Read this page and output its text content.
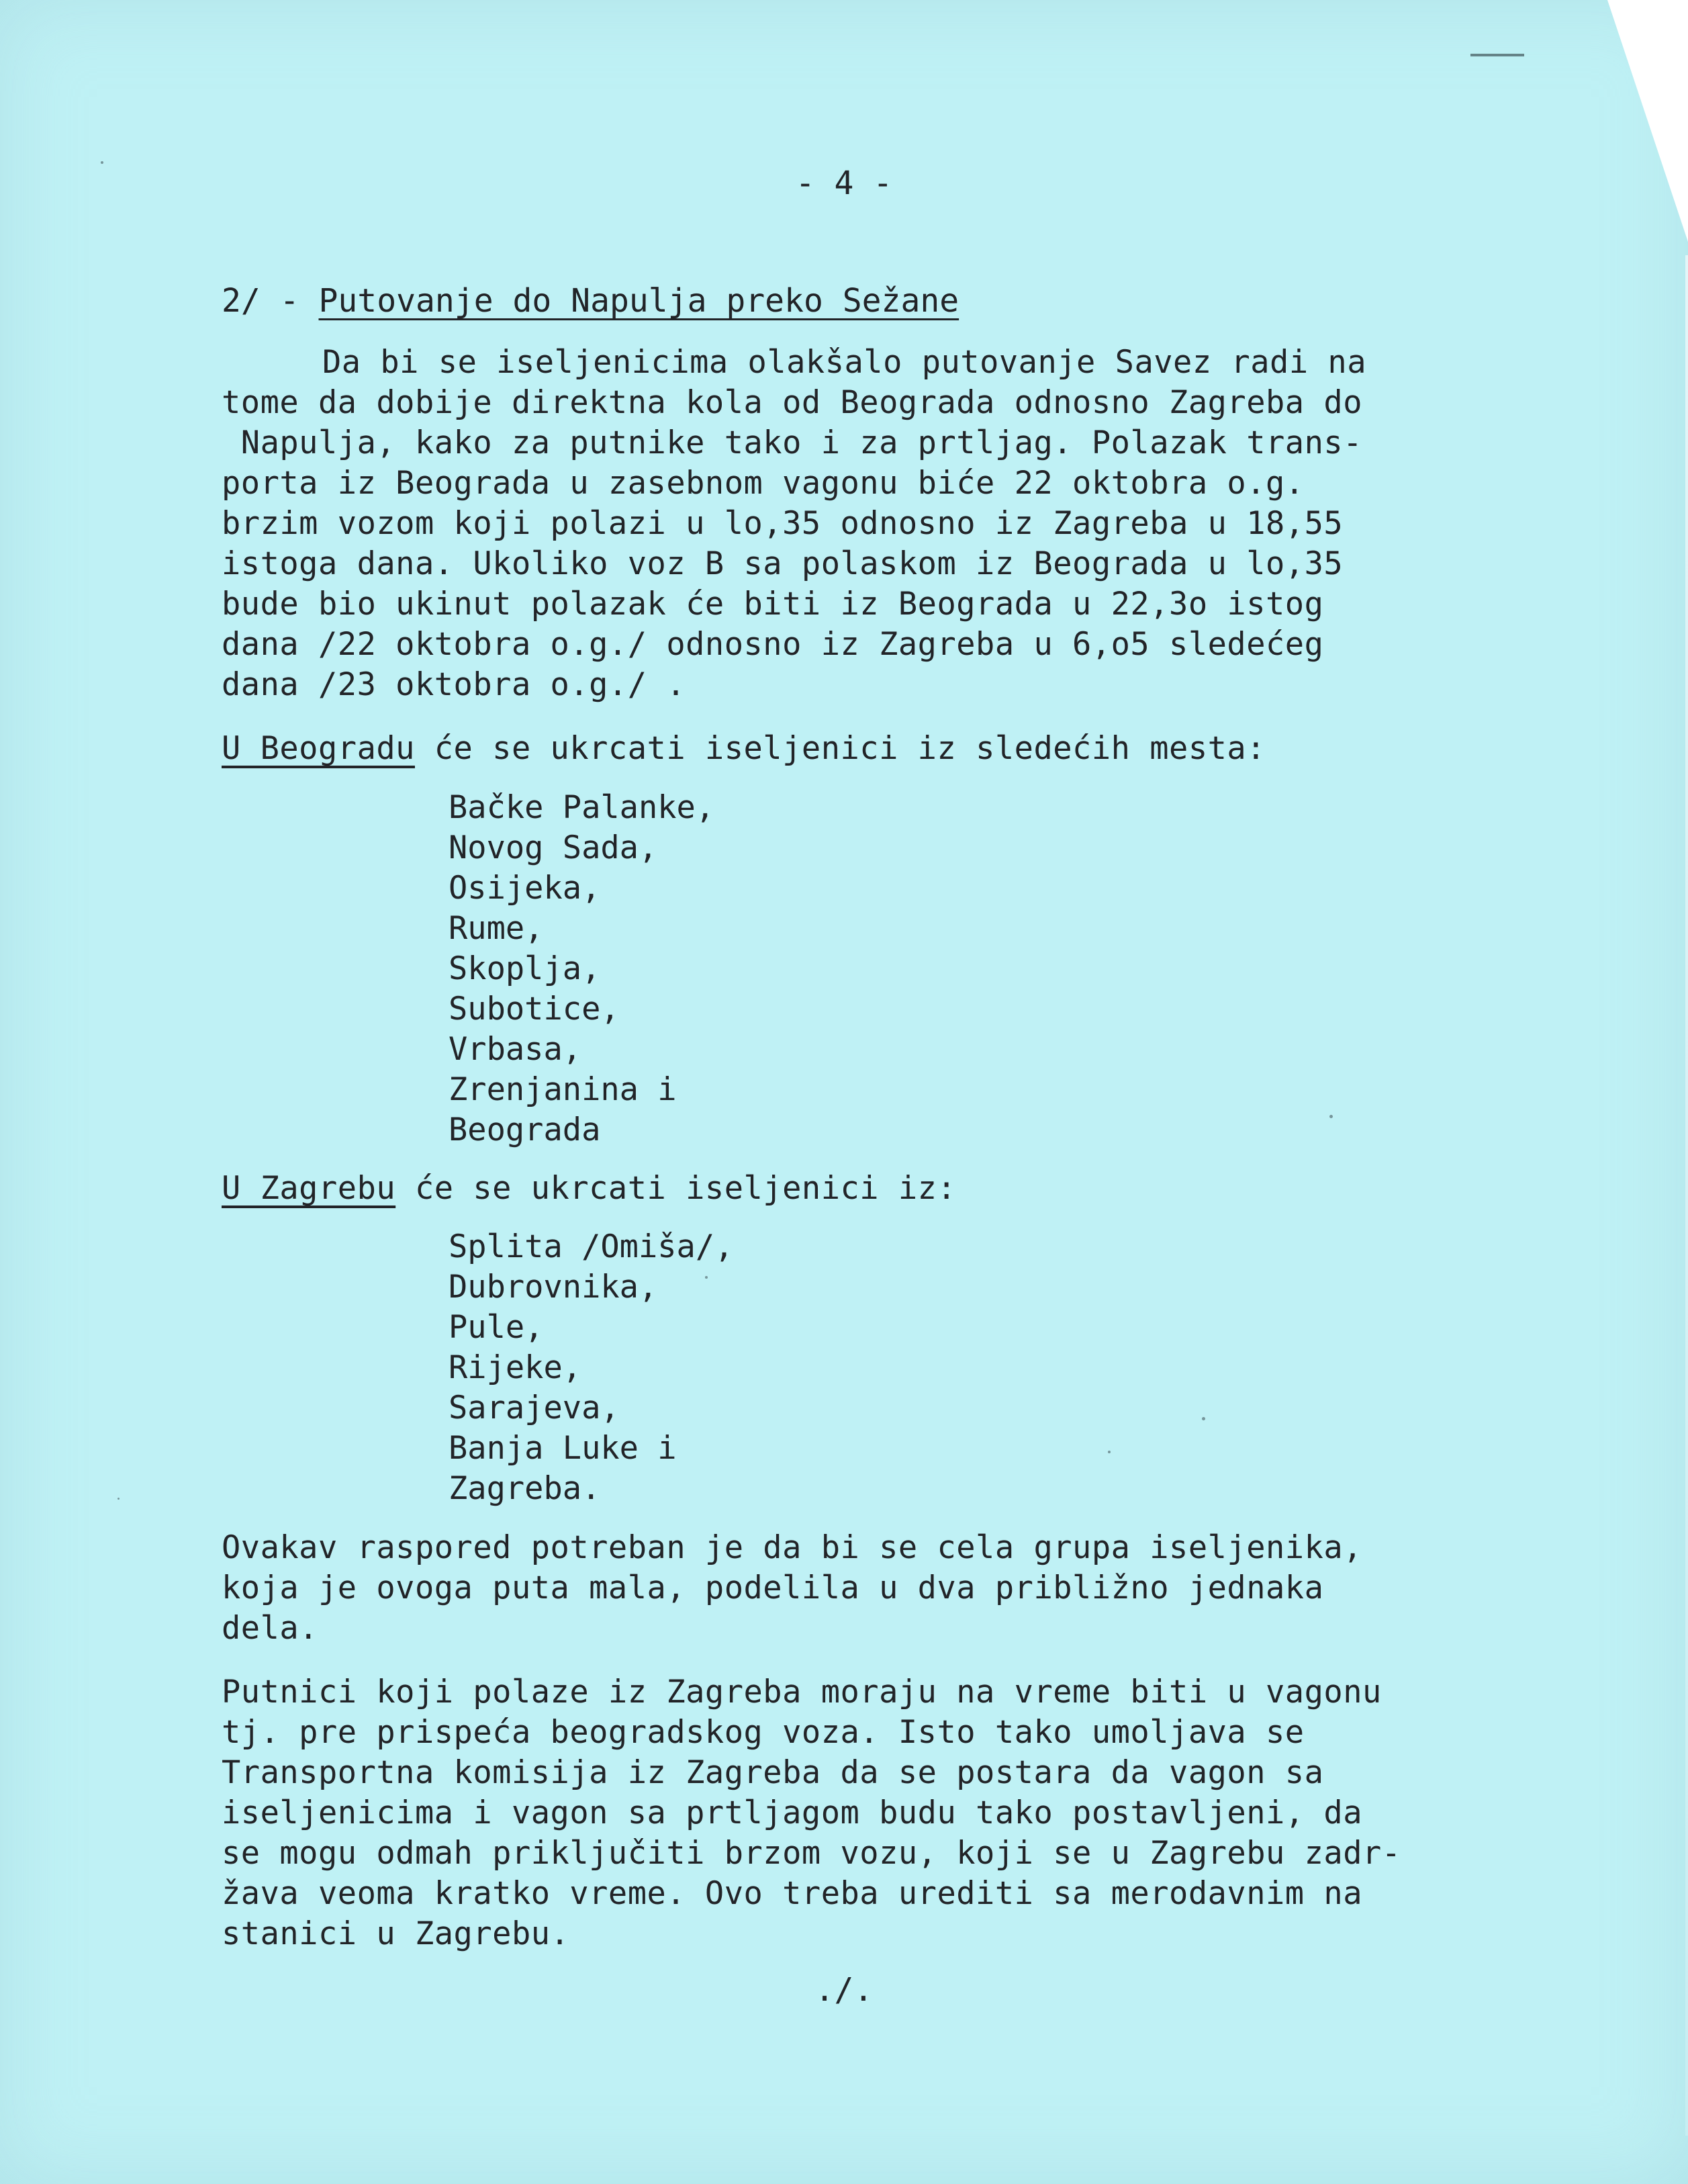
- 4 -
2/ - Putovanje do Napulja preko Sežane
Da bi se iseljenicima olakšalo putovanje Savez radi na
tome da dobije direktna kola od Beograda odnosno Zagreba do
Napulja, kako za putnike tako i za prtljag. Polazak trans-
porta iz Beograda u zasebnom vagonu biće 22 oktobra o.g.
brzim vozom koji polazi u lo,35 odnosno iz Zagreba u 18,55
istoga dana. Ukoliko voz B sa polaskom iz Beograda u lo,35
bude bio ukinut polazak će biti iz Beograda u 22,3o istog
dana /22 oktobra o.g./ odnosno iz Zagreba u 6,o5 sledećeg
dana /23 oktobra o.g./ .
U Beogradu će se ukrcati iseljenici iz sledećih mesta:
Bačke Palanke,
Novog Sada,
Osijeka,
Rume,
Skoplja,
Subotice,
Vrbasa,
Zrenjanina i
Beograda
U Zagrebu će se ukrcati iseljenici iz:
Splita /Omiša/,
Dubrovnika,
Pule,
Rijeke,
Sarajeva,
Banja Luke i
Zagreba.
Ovakav raspored potreban je da bi se cela grupa iseljenika,
koja je ovoga puta mala, podelila u dva približno jednaka
dela.
Putnici koji polaze iz Zagreba moraju na vreme biti u vagonu
tj. pre prispeća beogradskog voza. Isto tako umoljava se
Transportna komisija iz Zagreba da se postara da vagon sa
iseljenicima i vagon sa prtljagom budu tako postavljeni, da
se mogu odmah priključiti brzom vozu, koji se u Zagrebu zadr-
žava veoma kratko vreme. Ovo treba urediti sa merodavnim na
stanici u Zagrebu.
./.
